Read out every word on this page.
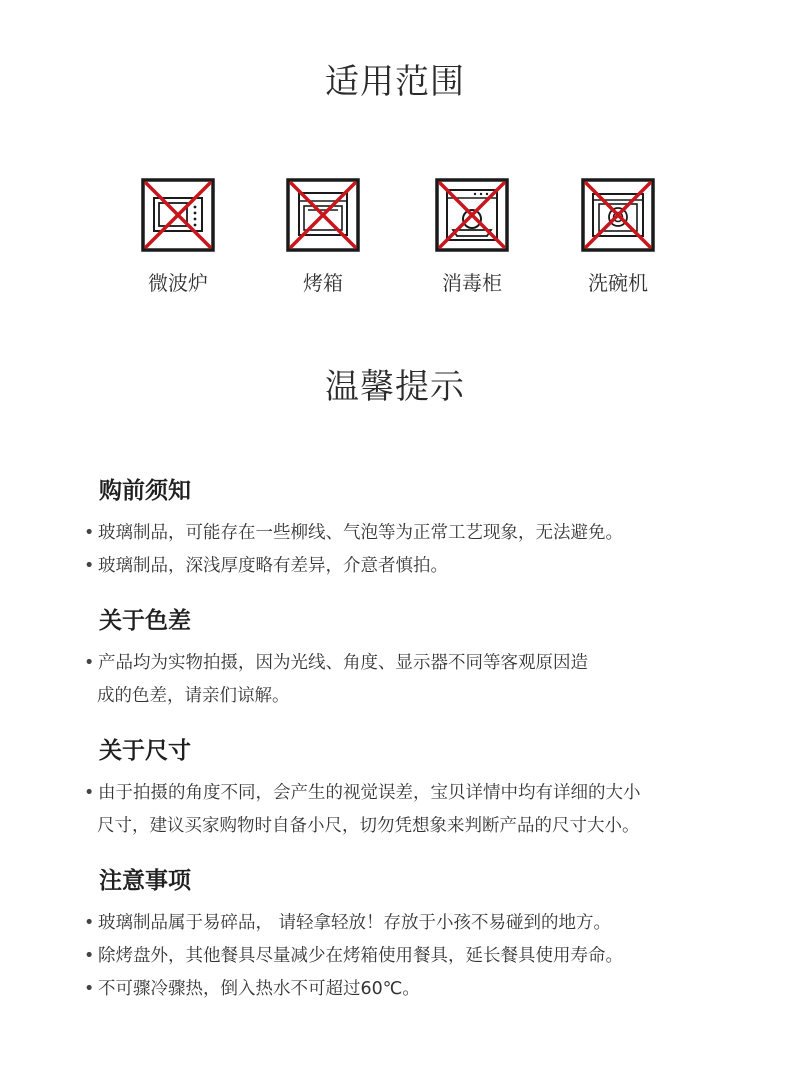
适用范围
微波炉	烤箱	消毒柜	洗碗机
温馨提示
购前须知
• 玻璃制品，可能存在一些柳线、气泡等为正常工艺现象，无法避免。
• 玻璃制品，深浅厚度略有差异，介意者慎拍。
关于色差
• 产品均为实物拍摄，因为光线、角度、显示器不同等客观原因造
成的色差，请亲们谅解。
关于尺寸
• 由于拍摄的角度不同，会产生的视觉误差，宝贝详情中均有详细的大小
尺寸，建议买家购物时自备小尺，切勿凭想象来判断产品的尺寸大小。
注意事项
• 玻璃制品属于易碎品， 请轻拿轻放！存放于小孩不易碰到的地方。
• 除烤盘外，其他餐具尽量减少在烤箱使用餐具，延长餐具使用寿命。
• 不可骤冷骤热，倒入热水不可超过60℃。
